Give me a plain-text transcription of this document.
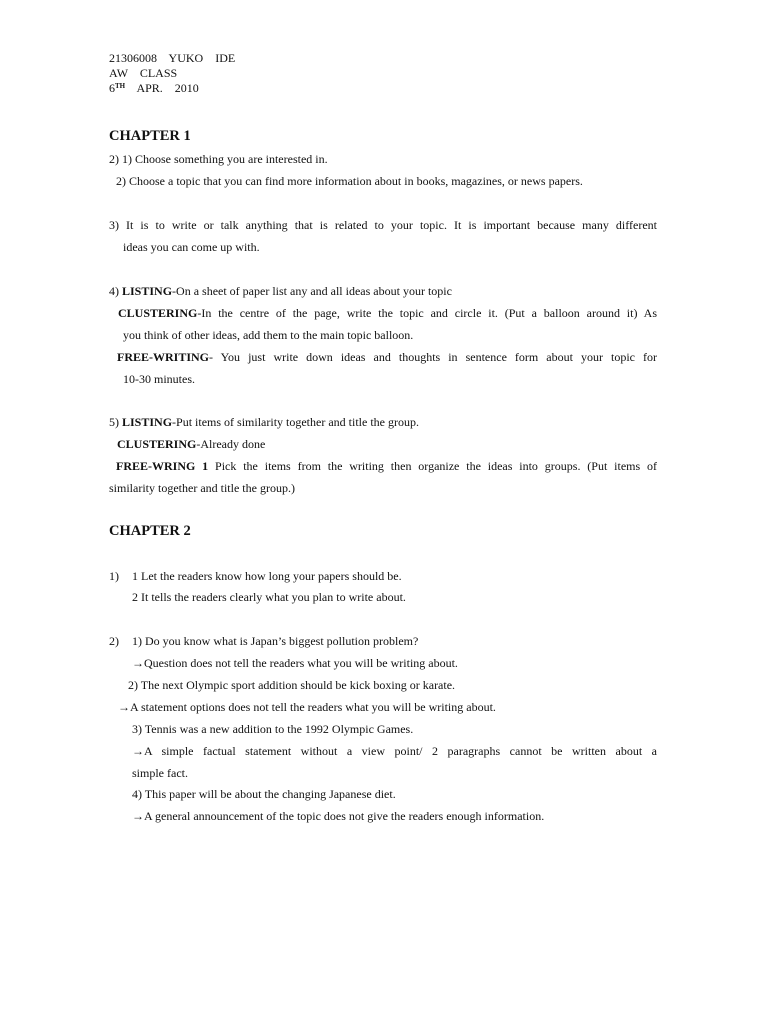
21306008    YUKO    IDE
AW    CLASS
6TH    APR.    2010
CHAPTER 1
2) 1) Choose something you are interested in.
2) Choose a topic that you can find more information about in books, magazines, or news papers.
3) It is to write or talk anything that is related to your topic. It is important because many different
ideas you can come up with.
4) LISTING-On a sheet of paper list any and all ideas about your topic
CLUSTERING-In the centre of the page, write the topic and circle it. (Put a balloon around it) As
you think of other ideas, add them to the main topic balloon.
FREE-WRITING- You just write down ideas and thoughts in sentence form about your topic for
10-30 minutes.
5) LISTING-Put items of similarity together and title the group.
CLUSTERING-Already done
FREE-WRING 1 Pick the items from the writing then organize the ideas into groups. (Put items of
similarity together and title the group.)
CHAPTER 2
1) 1 Let the readers know how long your papers should be.
2 It tells the readers clearly what you plan to write about.
2) 1) Do you know what is Japan’s biggest pollution problem?
→Question does not tell the readers what you will be writing about.
2) The next Olympic sport addition should be kick boxing or karate.
→A statement options does not tell the readers what you will be writing about.
3) Tennis was a new addition to the 1992 Olympic Games.
→A simple factual statement without a view point/ 2 paragraphs cannot be written about a
simple fact.
4) This paper will be about the changing Japanese diet.
→A general announcement of the topic does not give the readers enough information.
